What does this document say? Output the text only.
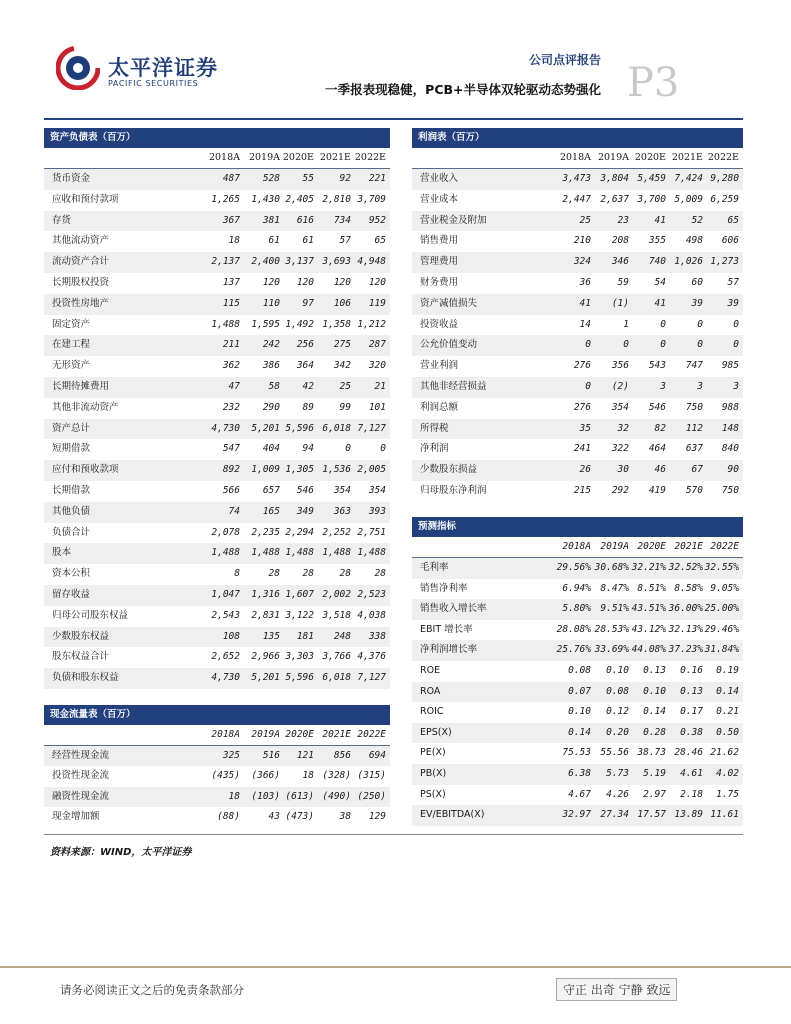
太平洋证券
PACIFIC SECURITIES
公司点评报告
一季报表现稳健，PCB+半导体双轮驱动态势强化 P3
资产负债表（百万）
2018A 2019A 2020E 2021E 2022E
货币资金	487 528 55	92 221
应收和预付款项	1,265 1,430 2,405 2,810 3,709
存货	367 381 616 734 952
其他流动资产	18	61 61	57 65
流动资产合计	2,137 2,400 3,137 3,693 4,948
长期股权投资	137 120 120 120 120
投资性房地产	115 110 97 106 119
固定资产	1,488 1,595 1,492 1,358 1,212
在建工程	211 242 256 275 287
无形资产	362 386 364 342 320
长期待摊费用	47	58 42	25 21
其他非流动资产	232 290 89	99 101
资产总计	4,730 5,201 5,596 6,018 7,127
短期借款	547 404 94	0	0
应付和预收款项	892 1,009 1,305 1,536 2,005
长期借款	566 657 546 354 354
其他负债	74 165 349 363 393
负债合计	2,078 2,235 2,294 2,252 2,751
股本	1,488 1,488 1,488 1,488 1,488
资本公积	8	28 28	28 28
留存收益	1,047 1,316 1,607 2,002 2,523
归母公司股东权益	2,543 2,831 3,122 3,518 4,038
少数股东权益	108 135 181 248 338
股东权益合计	2,652 2,966 3,303 3,766 4,376
负债和股东权益	4,730 5,201 5,596 6,018 7,127
利润表（百万）
2018A 2019A 2020E 2021E 2022E
营业收入	3,473 3,804 5,459 7,424 9,280
营业成本	2,447 2,637 3,700 5,009 6,259
营业税金及附加	25	23	41	52	65
销售费用	210 208 355 498 606
管理费用	324 346 740 1,026 1,273
财务费用	36	59	54	60	57
资产减值损失	41 (1)	41	39	39
投资收益	14	1	0	0	0
公允价值变动	0	0	0	0	0
营业利润	276 356 543 747 985
其他非经营损益	0 (2)	3	3	3
利润总额	276 354 546 750 988
所得税	35	32	82 112 148
净利润	241 322 464 637 840
少数股东损益	26	30	46	67	90
归母股东净利润	215 292 419 570 750
预测指标
2018A 2019A 2020E 2021E 2022E
毛利率	29.56% 30.68% 32.21% 32.52% 32.55%
销售净利率	6.94% 8.47% 8.51% 8.58% 9.05%
销售收入增长率	5.80% 9.51% 43.51% 36.00% 25.00%
EBIT 增长率	28.08% 28.53% 43.12% 32.13% 29.46%
净利润增长率	25.76% 33.69% 44.08% 37.23% 31.84%
ROE	0.08 0.10 0.13 0.16 0.19
ROA	0.07 0.08 0.10 0.13 0.14
ROIC	0.10 0.12 0.14 0.17 0.21
EPS(X)	0.14 0.20 0.28 0.38 0.50
PE(X)	75.53 55.56 38.73 28.46 21.62
PB(X)	6.38 5.73 5.19 4.61 4.02
PS(X)	4.67 4.26 2.97 2.18 1.75
EV/EBITDA(X)	32.97 27.34 17.57 13.89 11.61
现金流量表（百万）
2018A 2019A 2020E 2021E 2022E
经营性现金流	325 516 121 856 694
投资性现金流	(435) (366) 18 (328) (315)
融资性现金流	18 (103) (613) (490) (250)
现金增加额	(88)	43 (473)	38 129
资料来源：WIND，太平洋证券
请务必阅读正文之后的免责条款部分	守正 出奇 宁静 致远
